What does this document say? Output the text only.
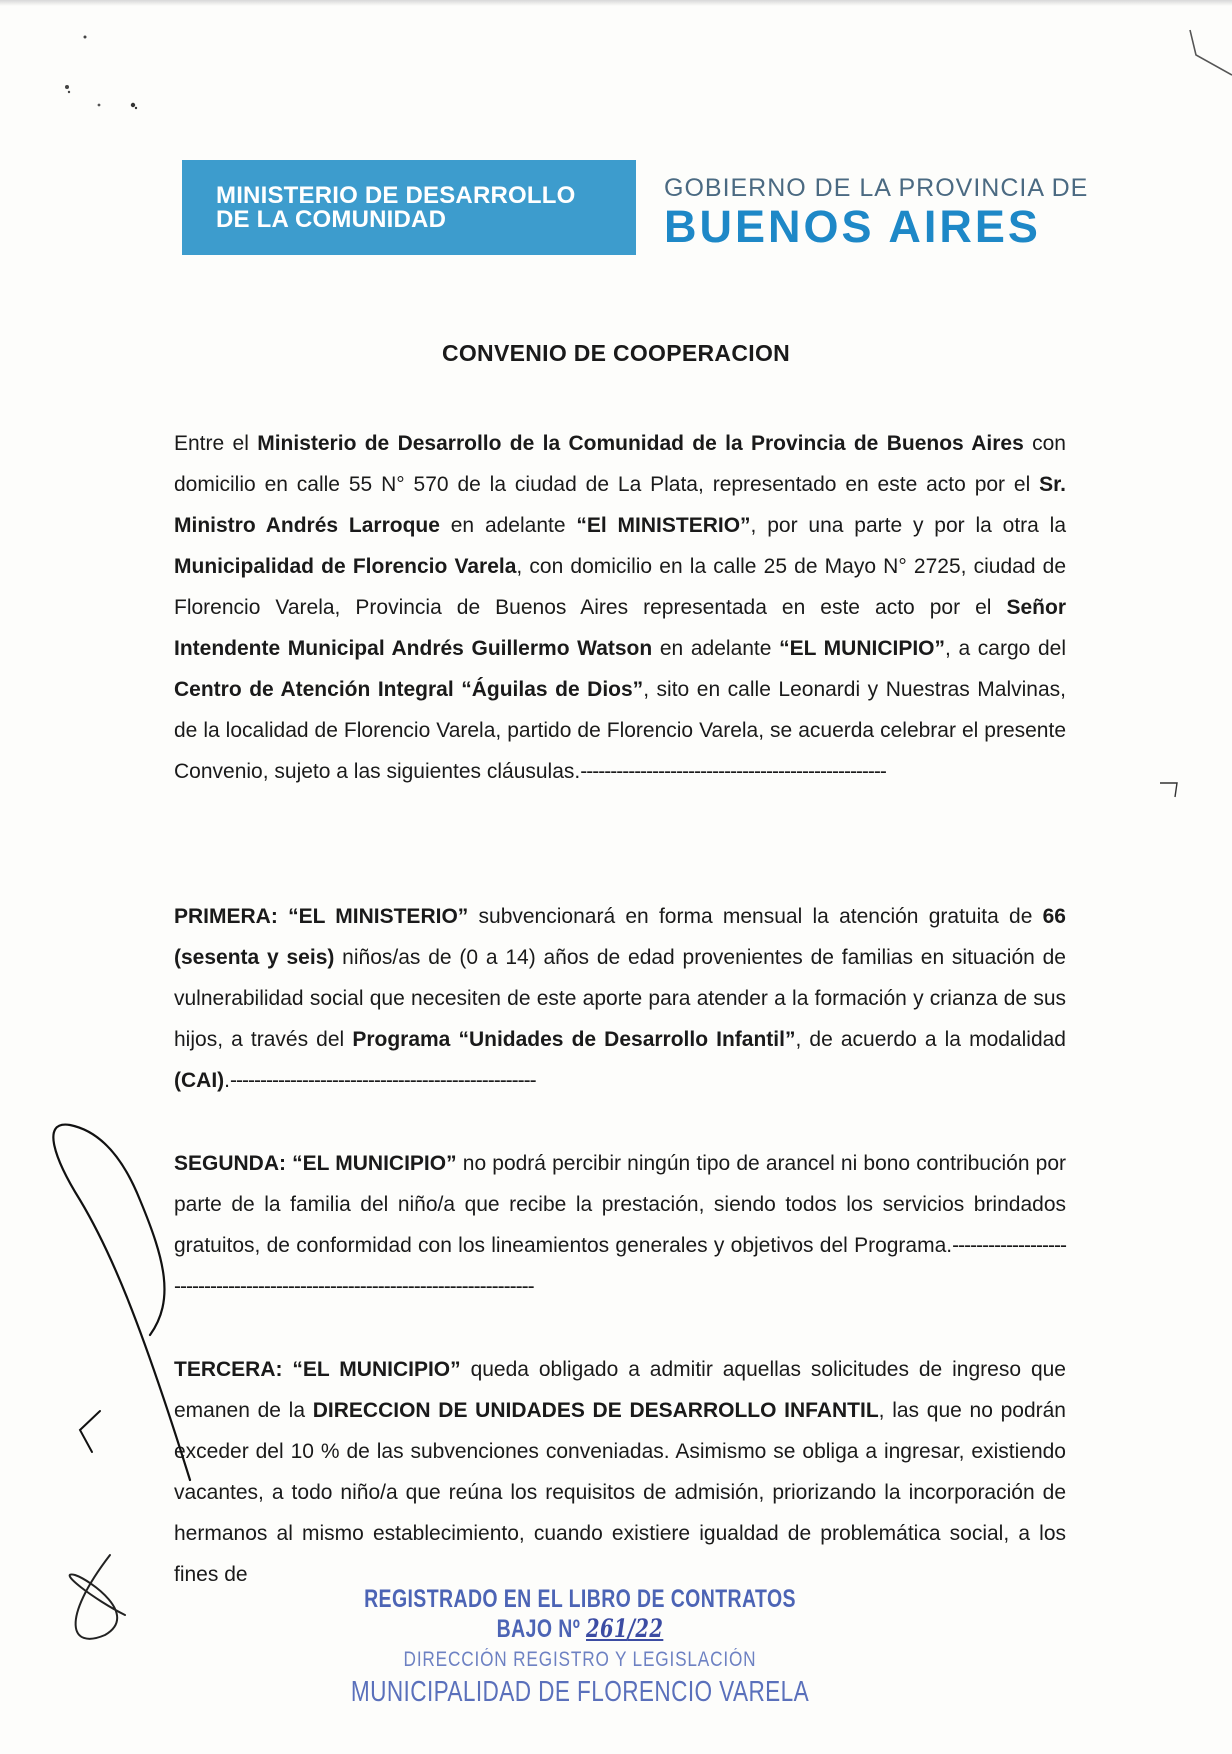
MINISTERIO DE DESARROLLO
DE LA COMUNIDAD
GOBIERNO DE LA PROVINCIA DE
BUENOS AIRES
CONVENIO DE COOPERACION

Entre el Ministerio de Desarrollo de la Comunidad de la Provincia de Buenos Aires con domicilio en calle 55 N° 570 de la ciudad de La Plata, representado en este acto por el Sr. Ministro Andrés Larroque en adelante “El MINISTERIO”, por una parte y por la otra la Municipalidad de Florencio Varela, con domicilio en la calle 25 de Mayo N° 2725, ciudad de Florencio Varela, Provincia de Buenos Aires representada en este acto por el Señor Intendente Municipal Andrés Guillermo Watson en adelante “EL MUNICIPIO”, a cargo del Centro de Atención Integral “Águilas de Dios”, sito en calle Leonardi y Nuestras Malvinas, de la localidad de Florencio Varela, partido de Florencio Varela, se acuerda celebrar el presente Convenio, sujeto a las siguientes cláusulas.---------------------------------------------------

PRIMERA: “EL MINISTERIO” subvencionará en forma mensual la atención gratuita de 66 (sesenta y seis) niños/as de (0 a 14) años de edad provenientes de familias en situación de vulnerabilidad social que necesiten de este aporte para atender a la formación y crianza de sus hijos, a través del Programa “Unidades de Desarrollo Infantil”, de acuerdo a la modalidad (CAI).---------------------------------------------------

SEGUNDA: “EL MUNICIPIO” no podrá percibir ningún tipo de arancel ni bono contribución por parte de la familia del niño/a que recibe la prestación, siendo todos los servicios brindados gratuitos, de conformidad con los lineamientos generales y objetivos del Programa.-------------------------------------------------------------------------------

TERCERA: “EL MUNICIPIO” queda obligado a admitir aquellas solicitudes de ingreso que emanen de la DIRECCION DE UNIDADES DE DESARROLLO INFANTIL, las que no podrán exceder del 10 % de las subvenciones conveniadas. Asimismo se obliga a ingresar, existiendo vacantes, a todo niño/a que reúna los requisitos de admisión, priorizando la incorporación de hermanos al mismo establecimiento, cuando existiere igualdad de problemática social, a los fines de

REGISTRADO EN EL LIBRO DE CONTRATOS BAJO Nº 261/22
DIRECCIÓN REGISTRO Y LEGISLACIÓN
MUNICIPALIDAD DE FLORENCIO VARELA
